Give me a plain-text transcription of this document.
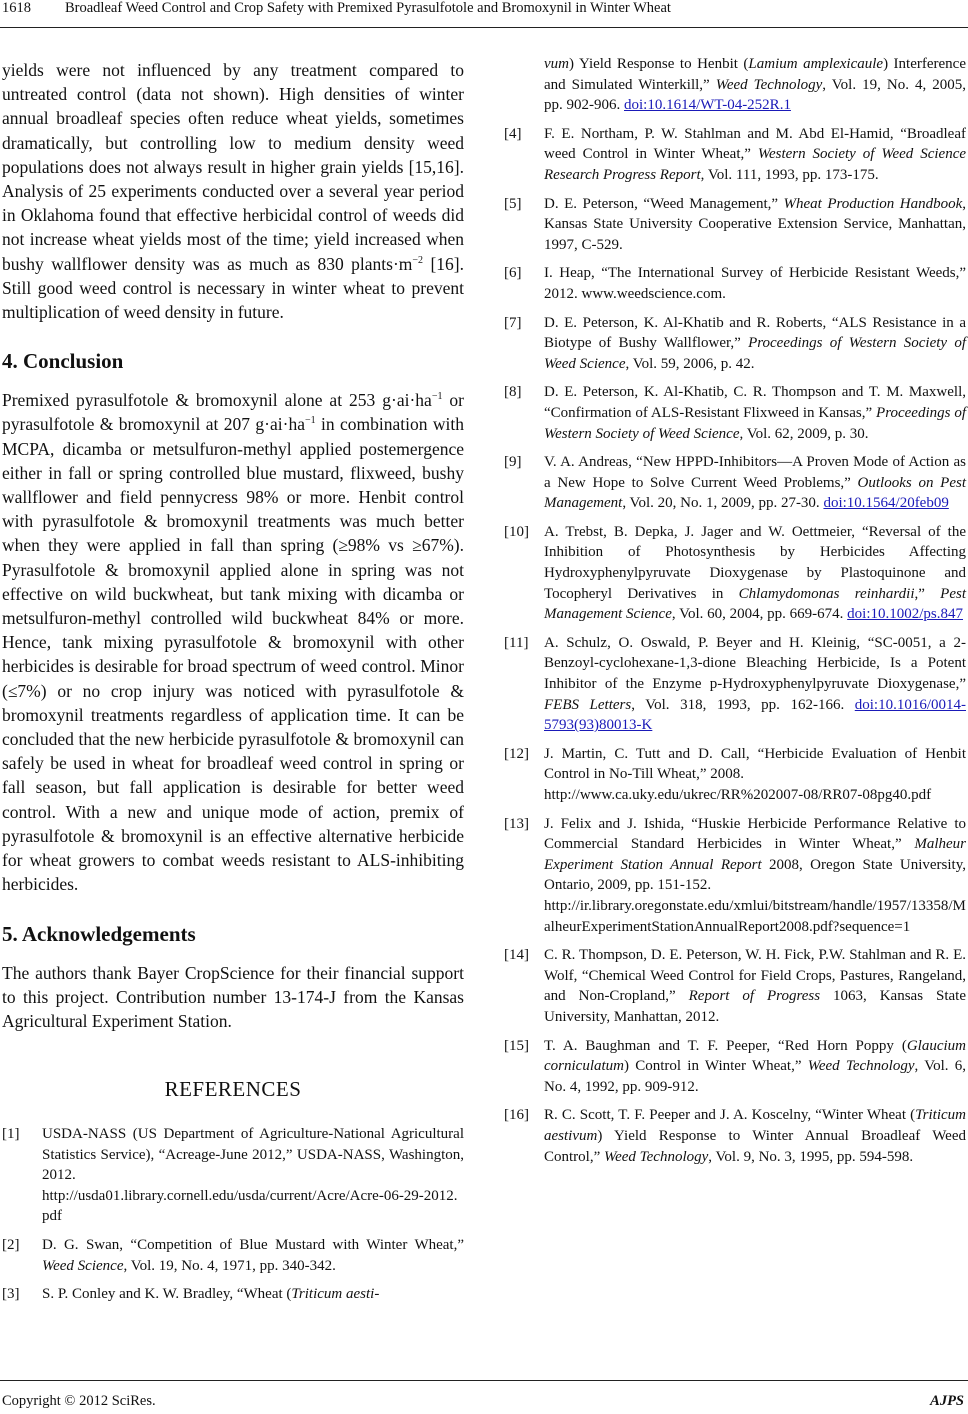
1618 Broadleaf Weed Control and Crop Safety with Premixed Pyrasulfotole and Bromoxynil in Winter Wheat

yields were not influenced by any treatment compared to untreated control (data not shown). High densities of winter annual broadleaf species often reduce wheat yields, sometimes dramatically, but controlling low to medium density weed populations does not always result in higher grain yields [15,16]. Analysis of 25 experiments conducted over a several year period in Oklahoma found that effective herbicidal control of weeds did not increase wheat yields most of the time; yield increased when bushy wallflower density was as much as 830 $plants\cdot m^{-2}$ [16]. Still good weed control is necessary in winter wheat to prevent multiplication of weed density in future.

4. Conclusion

Premixed pyrasulfotole & bromoxynil alone at 253 $g\cdot ai\cdot ha^{-1}$ or pyrasulfotole & bromoxynil at 207 $g\cdot ai\cdot ha^{-1}$ in combination with MCPA, dicamba or metsulfuron-methyl applied postemergence either in fall or spring controlled blue mustard, flixweed, bushy wallflower and field pennycress 98% or more. Henbit control with pyrasulfotole & bromoxynil treatments was much better when they were applied in fall than spring (≥98% vs ≥67%). Pyrasulfotole & bromoxynil applied alone in spring was not effective on wild buckwheat, but tank mixing with dicamba or metsulfuron-methyl controlled wild buckwheat 84% or more. Hence, tank mixing pyrasulfotole & bromoxynil with other herbicides is desirable for broad spectrum of weed control. Minor (≤7%) or no crop injury was noticed with pyrasulfotole & bromoxynil treatments regardless of application time. It can be concluded that the new herbicide pyrasulfotole & bromoxynil can safely be used in wheat for broadleaf weed control in spring or fall season, but fall application is desirable for better weed control. With a new and unique mode of action, premix of pyrasulfotole & bromoxynil is an effective alternative herbicide for wheat growers to combat weeds resistant to ALS-inhibiting herbicides.

5. Acknowledgements

The authors thank Bayer CropScience for their financial support to this project. Contribution number 13-174-J from the Kansas Agricultural Experiment Station.

REFERENCES
[1] USDA-NASS (US Department of Agriculture-National Agricultural Statistics Service), “Acreage-June 2012,” USDA-NASS, Washington, 2012.
http://usda01.library.cornell.edu/usda/current/Acre/Acre-06-29-2012.pdf
[2] D. G. Swan, “Competition of Blue Mustard with Winter Wheat,” Weed Science, Vol. 19, No. 4, 1971, pp. 340-342.
[3] S. P. Conley and K. W. Bradley, “Wheat (Triticum aesti-
vum) Yield Response to Henbit (Lamium amplexicaule) Interference and Simulated Winterkill,” Weed Technology, Vol. 19, No. 4, 2005, pp. 902-906. doi:10.1614/WT-04-252R.1
[4] F. E. Northam, P. W. Stahlman and M. Abd El-Hamid, “Broadleaf weed Control in Winter Wheat,” Western Society of Weed Science Research Progress Report, Vol. 111, 1993, pp. 173-175.
[5] D. E. Peterson, “Weed Management,” Wheat Production Handbook, Kansas State University Cooperative Extension Service, Manhattan, 1997, C-529.
[6] I. Heap, “The International Survey of Herbicide Resistant Weeds,” 2012. www.weedscience.com.
[7] D. E. Peterson, K. Al-Khatib and R. Roberts, “ALS Resistance in a Biotype of Bushy Wallflower,” Proceedings of Western Society of Weed Science, Vol. 59, 2006, p. 42.
[8] D. E. Peterson, K. Al-Khatib, C. R. Thompson and T. M. Maxwell, “Confirmation of ALS-Resistant Flixweed in Kansas,” Proceedings of Western Society of Weed Science, Vol. 62, 2009, p. 30.
[9] V. A. Andreas, “New HPPD-Inhibitors—A Proven Mode of Action as a New Hope to Solve Current Weed Problems,” Outlooks on Pest Management, Vol. 20, No. 1, 2009, pp. 27-30. doi:10.1564/20feb09
[10] A. Trebst, B. Depka, J. Jager and W. Oettmeier, “Reversal of the Inhibition of Photosynthesis by Herbicides Affecting Hydroxyphenylpyruvate Dioxygenase by Plastoquinone and Tocopheryl Derivatives in Chlamydomonas reinhardii,” Pest Management Science, Vol. 60, 2004, pp. 669-674. doi:10.1002/ps.847
[11] A. Schulz, O. Oswald, P. Beyer and H. Kleinig, “SC-0051, a 2-Benzoyl-cyclohexane-1,3-dione Bleaching Herbicide, Is a Potent Inhibitor of the Enzyme p-Hydroxyphenylpyruvate Dioxygenase,” FEBS Letters, Vol. 318, 1993, pp. 162-166. doi:10.1016/0014-5793(93)80013-K
[12] J. Martin, C. Tutt and D. Call, “Herbicide Evaluation of Henbit Control in No-Till Wheat,” 2008.
http://www.ca.uky.edu/ukrec/RR%202007-08/RR07-08pg40.pdf
[13] J. Felix and J. Ishida, “Huskie Herbicide Performance Relative to Commercial Standard Herbicides in Winter Wheat,” Malheur Experiment Station Annual Report 2008, Oregon State University, Ontario, 2009, pp. 151-152.
http://ir.library.oregonstate.edu/xmlui/bitstream/handle/1957/13358/MalheurExperimentStationAnnualReport2008.pdf?sequence=1
[14] C. R. Thompson, D. E. Peterson, W. H. Fick, P.W. Stahlman and R. E. Wolf, “Chemical Weed Control for Field Crops, Pastures, Rangeland, and Non-Cropland,” Report of Progress 1063, Kansas State University, Manhattan, 2012.
[15] T. A. Baughman and T. F. Peeper, “Red Horn Poppy (Glaucium corniculatum) Control in Winter Wheat,” Weed Technology, Vol. 6, No. 4, 1992, pp. 909-912.
[16] R. C. Scott, T. F. Peeper and J. A. Koscelny, “Winter Wheat (Triticum aestivum) Yield Response to Winter Annual Broadleaf Weed Control,” Weed Technology, Vol. 9, No. 3, 1995, pp. 594-598.
Copyright © 2012 SciRes.	AJPS
